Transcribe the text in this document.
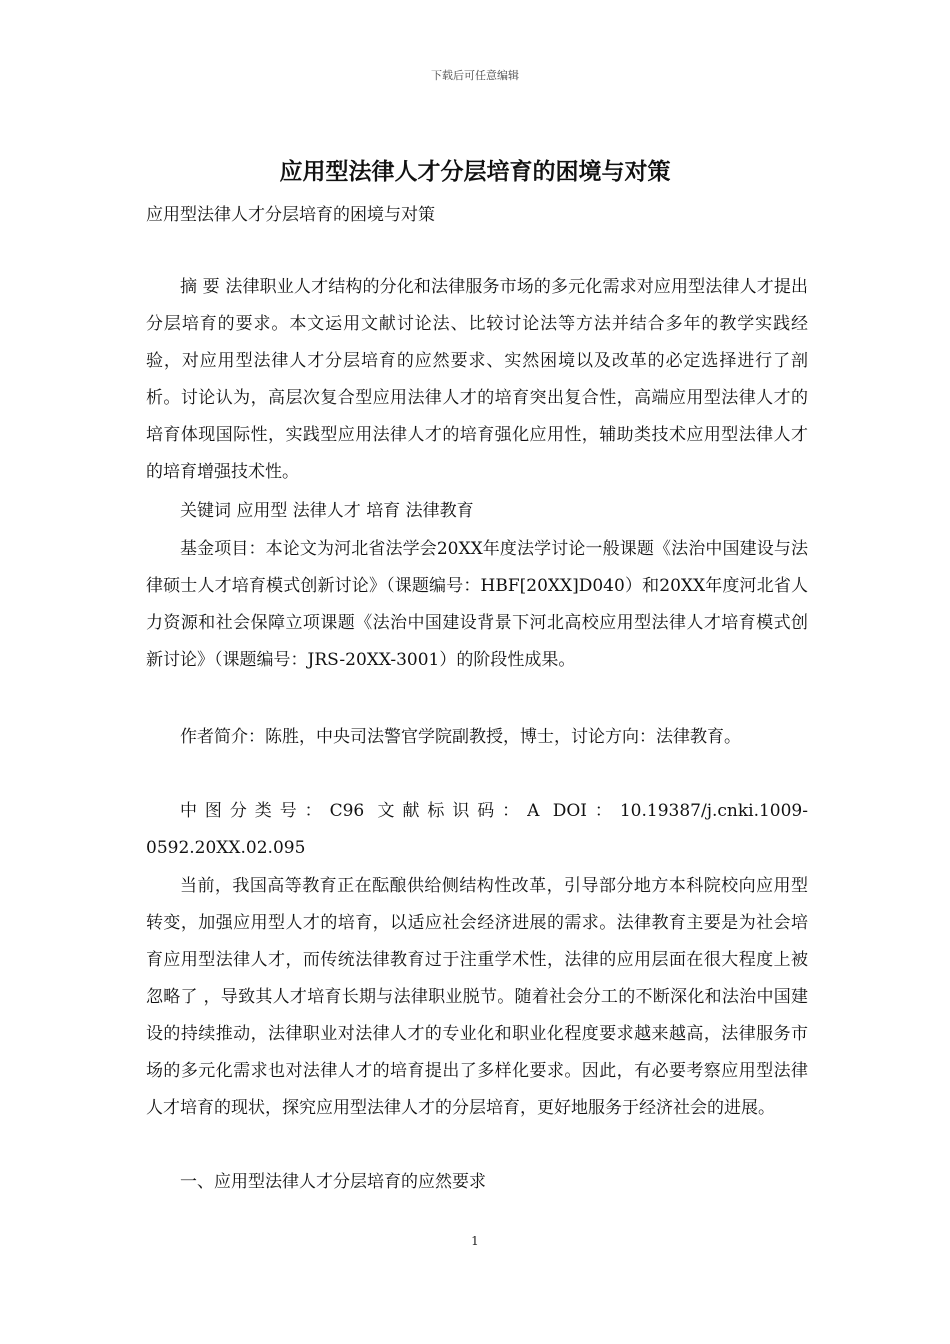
下载后可任意编辑
应用型法律人才分层培育的困境与对策
应用型法律人才分层培育的困境与对策

摘 要 法律职业人才结构的分化和法律服务市场的多元化需求对应用型法律人才提出分层培育的要求。本文运用文献讨论法、比较讨论法等方法并结合多年的教学实践经验，对应用型法律人才分层培育的应然要求、实然困境以及改革的必定选择进行了剖析。讨论认为，高层次复合型应用法律人才的培育突出复合性，高端应用型法律人才的培育体现国际性，实践型应用法律人才的培育强化应用性，辅助类技术应用型法律人才的培育增强技术性。

关键词 应用型 法律人才 培育 法律教育

基金项目：本论文为河北省法学会20XX年度法学讨论一般课题《法治中国建设与法律硕士人才培育模式创新讨论》（课题编号：HBF[20XX]D040）和20XX年度河北省人力资源和社会保障立项课题《法治中国建设背景下河北高校应用型法律人才培育模式创新讨论》（课题编号：JRS-20XX-3001）的阶段性成果。

作者简介：陈胜，中央司法警官学院副教授，博士，讨论方向：法律教育。

中图分类号：C96 文献标识码：A DOI：10.19387/j.cnki.1009-0592.20XX.02.095

当前，我国高等教育正在酝酿供给侧结构性改革，引导部分地方本科院校向应用型转变，加强应用型人才的培育，以适应社会经济进展的需求。法律教育主要是为社会培育应用型法律人才，而传统法律教育过于注重学术性，法律的应用层面在很大程度上被忽略了 ，导致其人才培育长期与法律职业脱节。随着社会分工的不断深化和法治中国建设的持续推动，法律职业对法律人才的专业化和职业化程度要求越来越高，法律服务市场的多元化需求也对法律人才的培育提出了多样化要求。因此，有必要考察应用型法律人才培育的现状，探究应用型法律人才的分层培育，更好地服务于经济社会的进展。

一、应用型法律人才分层培育的应然要求

1
